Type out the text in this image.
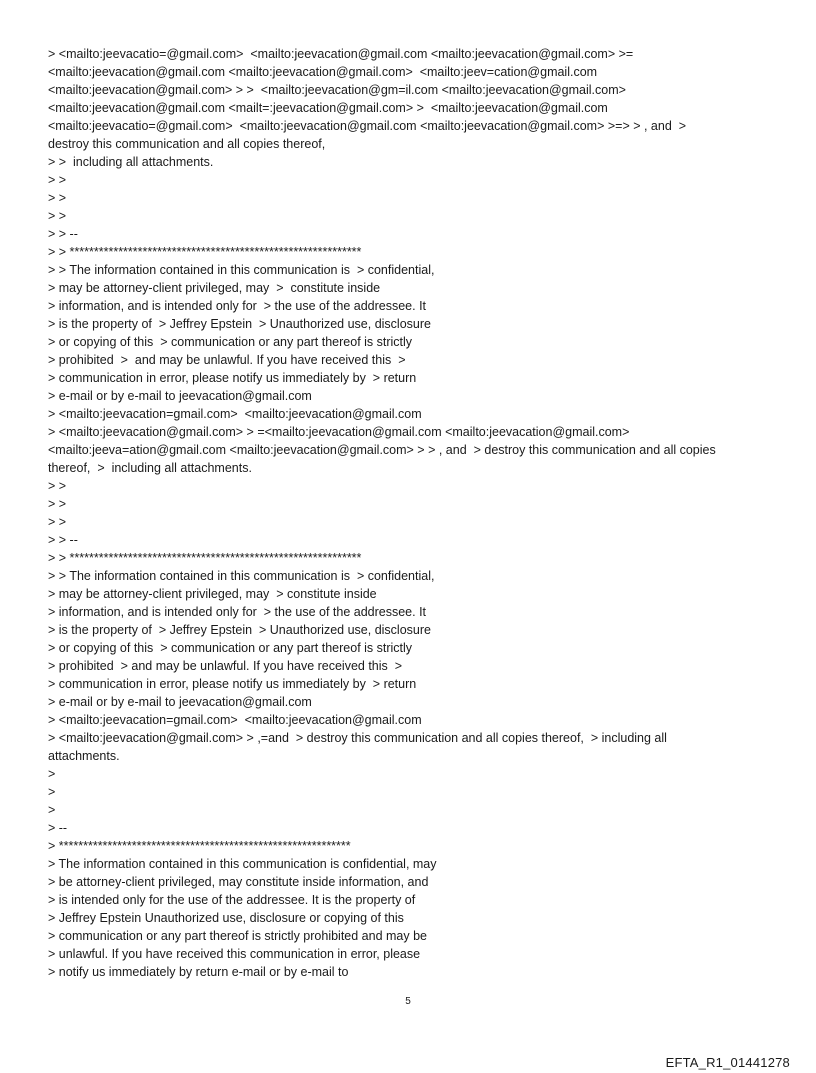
> <mailto:jeevacatio=@gmail.com>  <mailto:jeevacation@gmail.com <mailto:jeevacation@gmail.com> >=
<mailto:jeevacation@gmail.com <mailto:jeevacation@gmail.com>  <mailto:jeev=cation@gmail.com
<mailto:jeevacation@gmail.com> > >  <mailto:jeevacation@gm=il.com <mailto:jeevacation@gmail.com>
<mailto:jeevacation@gmail.com <mailt=:jeevacation@gmail.com> >  <mailto:jeevacation@gmail.com
<mailto:jeevacatio=@gmail.com>  <mailto:jeevacation@gmail.com <mailto:jeevacation@gmail.com> >=> > , and  >
destroy this communication and all copies thereof,
> >  including all attachments.
> >
> >
> >
> > --
> > ************************************************************
> > The information contained in this communication is  > confidential,
> may be attorney-client privileged, may  >  constitute inside
> information, and is intended only for  > the use of the addressee. It
> is the property of  > Jeffrey Epstein  > Unauthorized use, disclosure
> or copying of this  > communication or any part thereof is strictly
> prohibited  >  and may be unlawful. If you have received this  >
> communication in error, please notify us immediately by  > return
> e-mail or by e-mail to jeevacation@gmail.com
> <mailto:jeevacation=gmail.com>  <mailto:jeevacation@gmail.com
> <mailto:jeevacation@gmail.com> > =<mailto:jeevacation@gmail.com <mailto:jeevacation@gmail.com>
<mailto:jeeva=ation@gmail.com <mailto:jeevacation@gmail.com> > > , and  > destroy this communication and all copies
thereof,  >  including all attachments.
> >
> >
> >
> > --
> > ************************************************************
> > The information contained in this communication is  > confidential,
> may be attorney-client privileged, may  > constitute inside
> information, and is intended only for  > the use of the addressee. It
> is the property of  > Jeffrey Epstein  > Unauthorized use, disclosure
> or copying of this  > communication or any part thereof is strictly
> prohibited  > and may be unlawful. If you have received this  >
> communication in error, please notify us immediately by  > return
> e-mail or by e-mail to jeevacation@gmail.com
> <mailto:jeevacation=gmail.com>  <mailto:jeevacation@gmail.com
> <mailto:jeevacation@gmail.com> > ,=and  > destroy this communication and all copies thereof,  > including all
attachments.
>
>
>
> --
> ************************************************************
> The information contained in this communication is confidential, may
> be attorney-client privileged, may constitute inside information, and
> is intended only for the use of the addressee. It is the property of
> Jeffrey Epstein Unauthorized use, disclosure or copying of this
> communication or any part thereof is strictly prohibited and may be
> unlawful. If you have received this communication in error, please
> notify us immediately by return e-mail or by e-mail to
5
EFTA_R1_01441278
